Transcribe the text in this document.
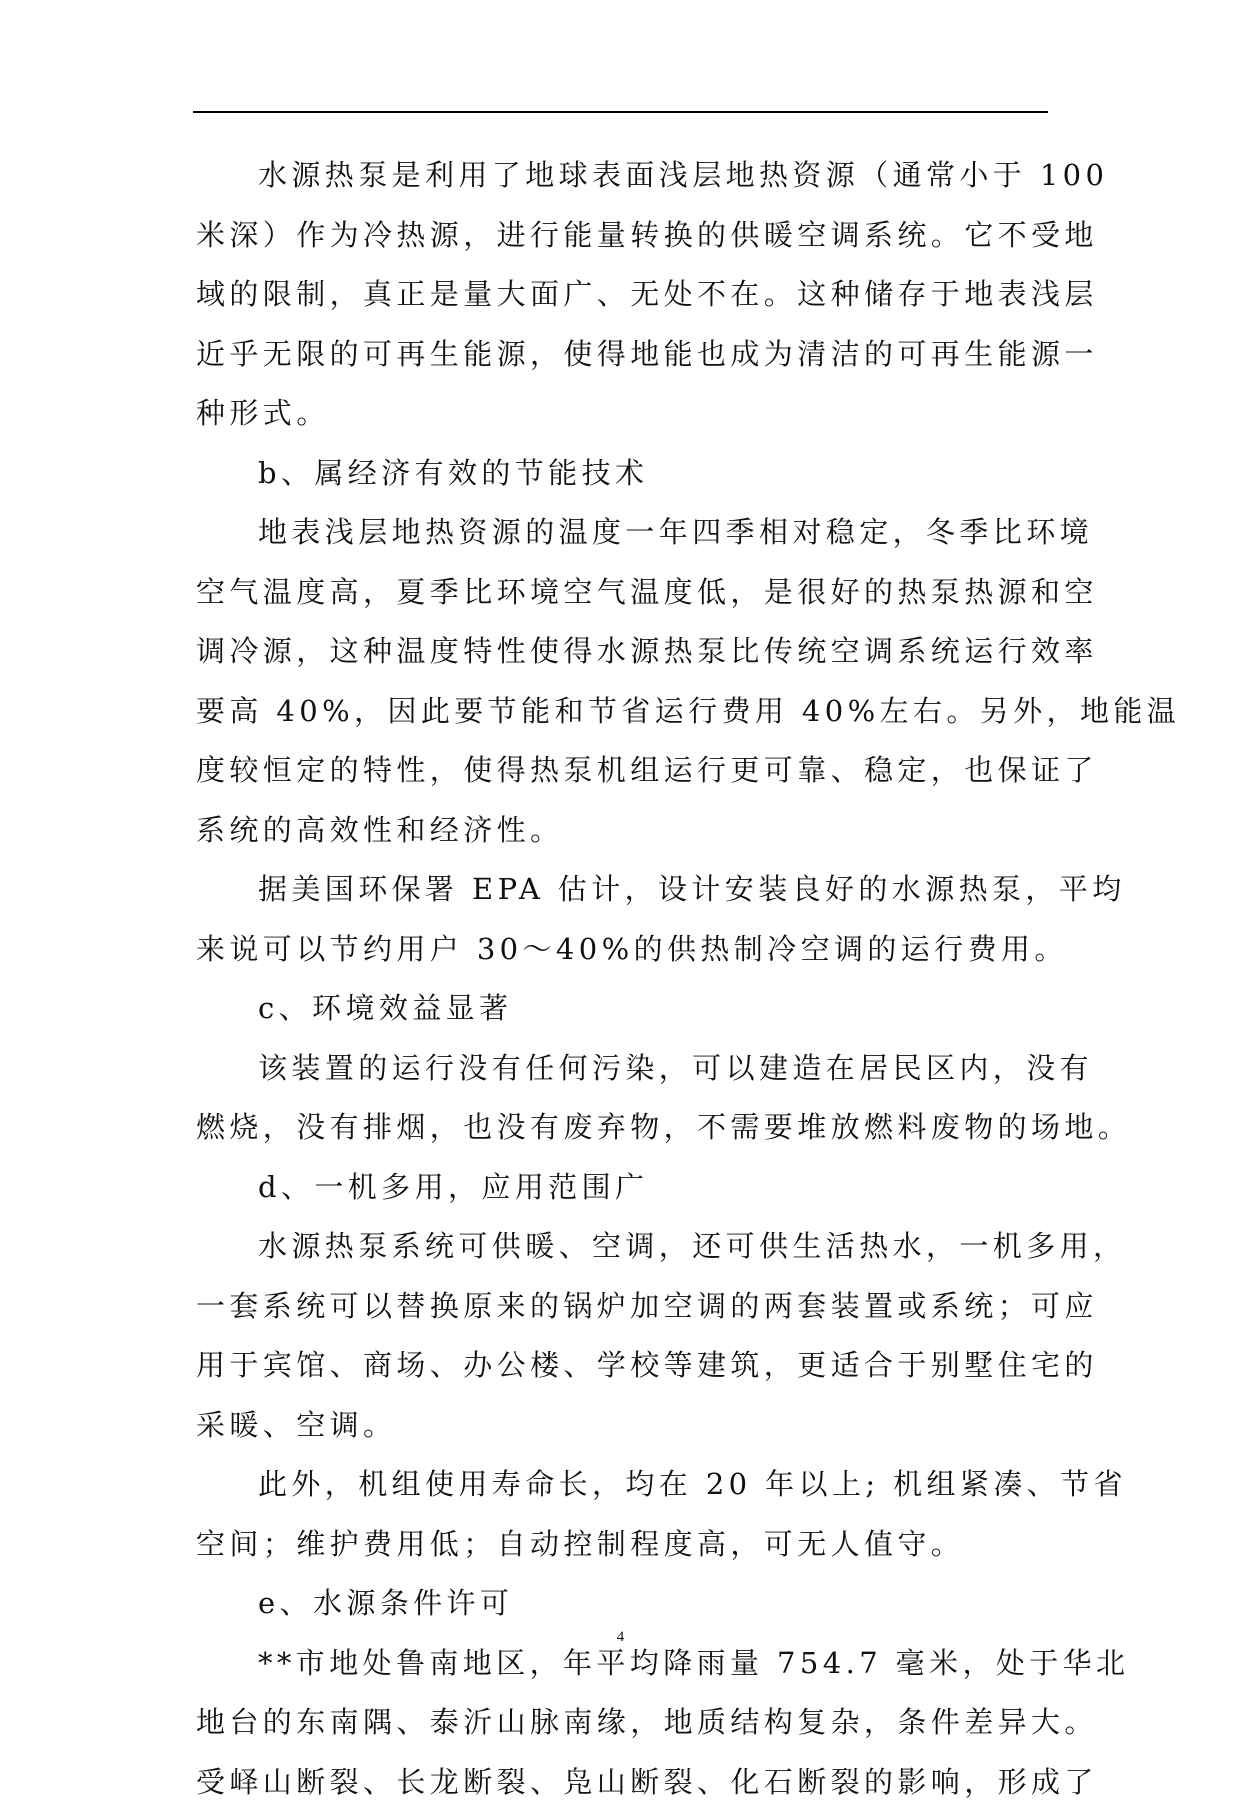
水源热泵是利用了地球表面浅层地热资源（通常小于 100
米深）作为冷热源，进行能量转换的供暖空调系统。它不受地
域的限制，真正是量大面广、无处不在。这种储存于地表浅层
近乎无限的可再生能源，使得地能也成为清洁的可再生能源一
种形式。
b、属经济有效的节能技术
地表浅层地热资源的温度一年四季相对稳定，冬季比环境
空气温度高，夏季比环境空气温度低，是很好的热泵热源和空
调冷源，这种温度特性使得水源热泵比传统空调系统运行效率
要高 40%，因此要节能和节省运行费用 40%左右。另外，地能温
度较恒定的特性，使得热泵机组运行更可靠、稳定，也保证了
系统的高效性和经济性。
据美国环保署 EPA 估计，设计安装良好的水源热泵，平均
来说可以节约用户 30～40%的供热制冷空调的运行费用。
c、环境效益显著
该装置的运行没有任何污染，可以建造在居民区内，没有
燃烧，没有排烟，也没有废弃物，不需要堆放燃料废物的场地。
d、一机多用，应用范围广
水源热泵系统可供暖、空调，还可供生活热水，一机多用，
一套系统可以替换原来的锅炉加空调的两套装置或系统；可应
用于宾馆、商场、办公楼、学校等建筑，更适合于别墅住宅的
采暖、空调。
此外，机组使用寿命长，均在 20 年以上; 机组紧凑、节省
空间；维护费用低；自动控制程度高，可无人值守。
e、水源条件许可
**市地处鲁南地区，年平均降雨量 754.7 毫米，处于华北
地台的东南隅、泰沂山脉南缘，地质结构复杂，条件差异大。
受峄山断裂、长龙断裂、凫山断裂、化石断裂的影响，形成了
4
